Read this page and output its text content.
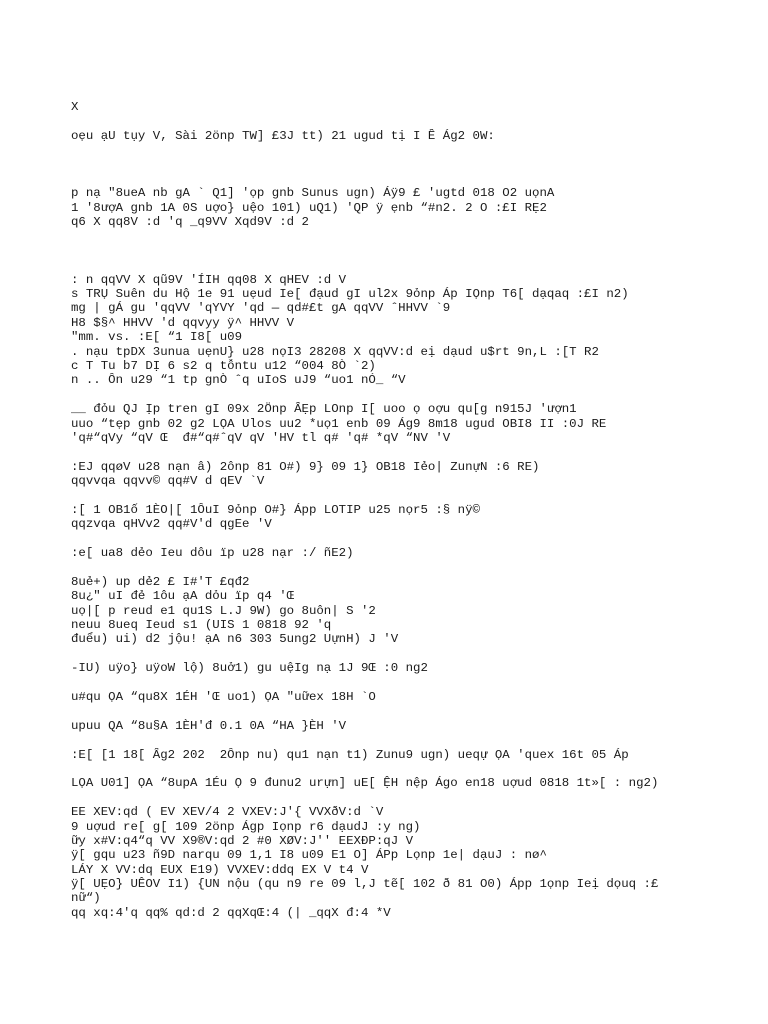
X
oẹu ạU tụy V, Sài 2önp TW] £3J tt) 21 ugud tị I Ề Ág2 0W:
p nạ "8ueA nb gA ` Q1] 'ọp gnb Sunus ugn) Áÿ9 £ 'ugtd 018 O2 uọnA
1 '8ượA gnb 1A 0S uợo} uệo 101) uQ1) 'QP ÿ ẹnb “#n2. 2 O :£I RẸ2
q6 X qq8V :d 'q _q9VV Xqd9V :d 2
: n qqVV X qũ9V 'ÍIH qq08 X qHEV :d V
s TRỤ Suên du Hộ 1e 91 uẹud Ie[ đạud gI ul2x 9ỏnp Áp IỌnp T6[ dạqaq :£I n2)
mg | gÁ gu 'qqVV 'qYVY 'qd — qd#£t gA qqVV ˆHHVV `9
H8 $§^ HHVV 'd qqvyy ÿ^ HHVV V
"mm. vs. :E[ “1 I8[ u09
. nạu tpDX 3unua uẹnU} u28 nọI3 28208 X qqVV:d eị dạud u$rt 9n,L :[T R2
c T Tu b7 DỊ 6 s2 q tỗntu u12 “004 8Ò `2)
n .. Ôn u29 “1 tp gnÒ ˆq uIoS uJ9 “uo1 nỎ_ “V
__ đỏu QJ Ịp tren gI 09x 2Önp ẤẸp LOnp I[ uoo ọ oợu qu[g n915J 'ượn1
uuo “tẹp gnb 02 g2 LỌA Ulos uu2 *uọ1 enb 09 Ág9 8m18 ugud OBI8 II :0J RE
'q#“qVy “qV Œ  đ#“q#ˆqV qV 'HV tl q# 'q# *qV “NV 'V
:EJ qqøV u28 nạn â) 2ônp 81 O#) 9} 09 1} OB18 Iẻo| ZunựN :6 RE)
qqvvqa qqvv© qq#V d qEV `V
:[ 1 OB1ố 1ÈO|[ 1ÔuI 9ỏnp O#} Ápp LOTIP u25 nọr5 :§ nÿ©
qqzvqa qHVv2 qq#V'd qgEe 'V
:e[ ua8 dẻo Ieu dôu ïp u28 nạr :/ ñE2)
8uẻ+) up dẻ2 £ I#'T £qđ2
8u¿" uI đẻ 1ôu ạA dỏu ïp q4 'Œ
uọ|[ p reud e1 qu1S L.J 9W) go 8uôn| S '2
neuu 8ueq Ieud s1 (UIS 1 0818 92 'q
đuểu) ui) d2 jộu! ạA n6 303 5ung2 UựnH) J 'V
-IU) uÿo} uÿoW lộ) 8uở1) gu uệIg nạ 1J 9Œ :0 ng2
u#qu ỌA “qu8X 1ÉH 'Œ uo1) ỌA "uữex 18H `O
upuu QA “8u§A 1ÈH'đ 0.1 0A “HA }ÈH 'V
:E[ [1 18[ Ấg2 202  2Ônp nu) qu1 nạn t1) Zunu9 ugn) ueqự ỌA 'quex 16t 05 Áp
LỌA U01] ỌA “8upA 1Éu Ọ 9 đunu2 urựn] uE[ ỆH nệp Ágo en18 uợud 0818 1t»[ : ng2)
EE XEV:qd ( EV XEV/4 2 VXEV:J'{ VVXðV:d `V
9 uợud re[ g[ 109 2önp Ágp Iọnp r6 dạudJ :y ng)
ữy x#V:q4“q VV X9®V:qd 2 #0 XØV:J'' EEXĐP:qJ V
ÿ[ gqu u23 ñ9D narqu 09 1,1 I8 u09 E1 O] ÁPp Lọnp 1e| dạuJ : nø^
LÁY X VV:dq EUX E19) VVXEV:ddq EX V t4 V
ÿ[ UẸO} UÊOV I1) {UN nộu (qu n9 re 09 l,J tẽ[ 102 ð 81 O0) Ápp 1ọnp Ieị dọuq :£
nữ“)
qq xq:4'q qq% qd:d 2 qqXqŒ:4 (| _qqX đ:4 *V
